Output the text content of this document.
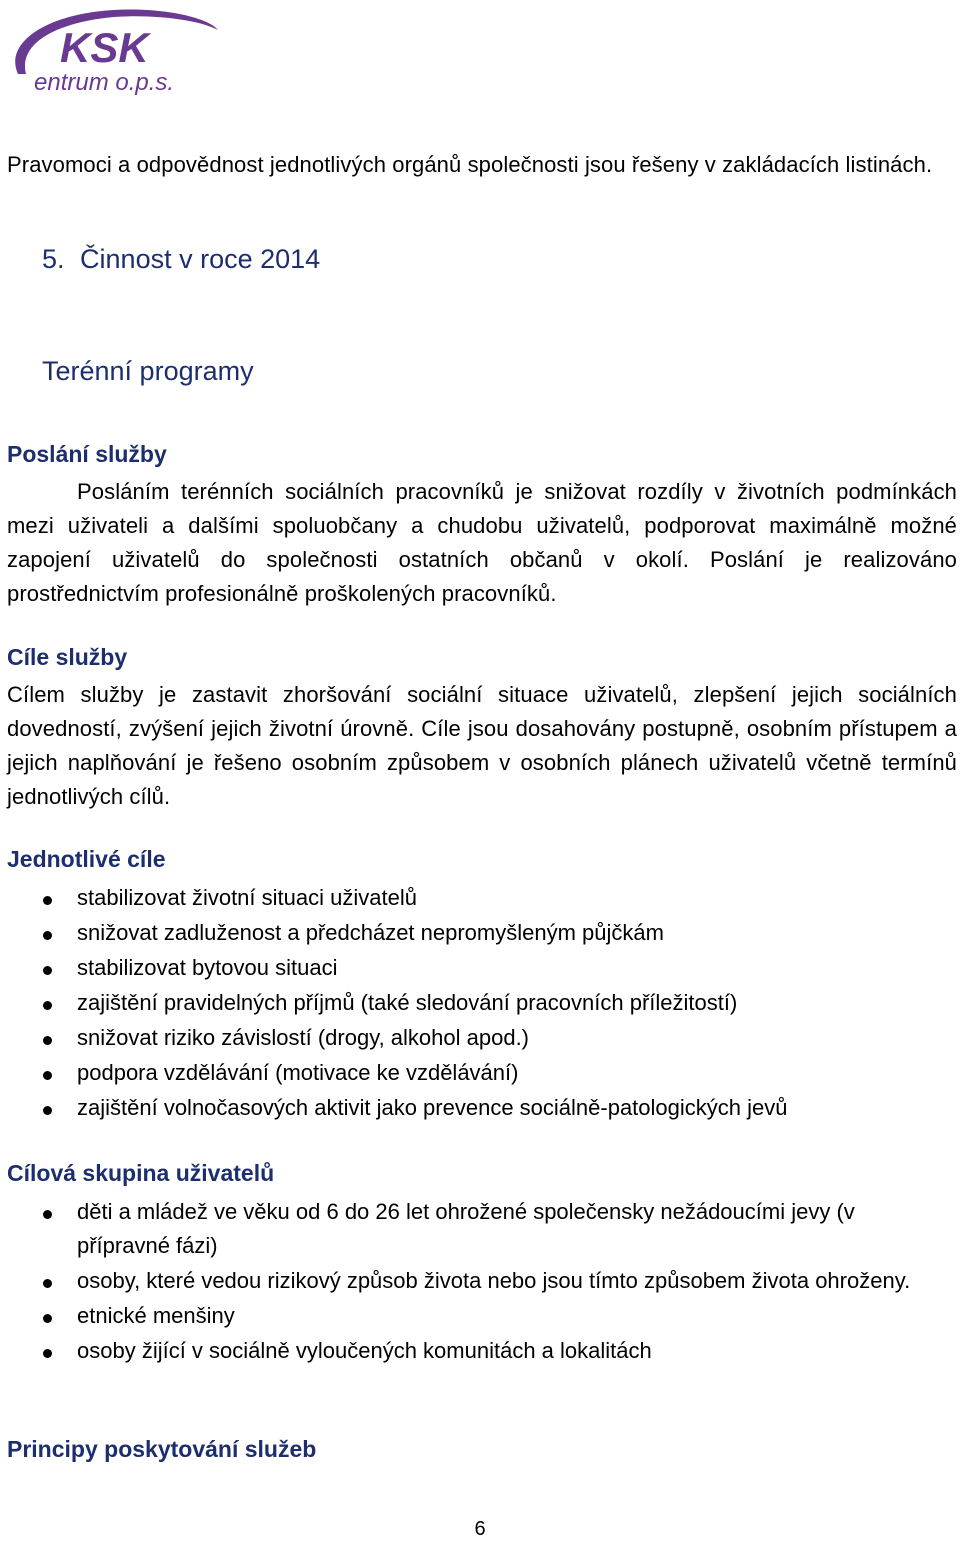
KSK
entrum o.p.s.
Pravomoci a odpovědnost jednotlivých orgánů společnosti jsou řešeny v zakládacích listinách.
5. Činnost v roce 2014
Terénní programy
Poslání služby
Posláním terénních sociálních pracovníků je snižovat rozdíly v životních podmínkách mezi uživateli a dalšími spoluobčany a chudobu uživatelů, podporovat maximálně možné zapojení uživatelů do společnosti ostatních občanů v okolí. Poslání je realizováno prostřednictvím profesionálně proškolených pracovníků.
Cíle služby
Cílem služby je zastavit zhoršování sociální situace uživatelů, zlepšení jejich sociálních dovedností, zvýšení jejich životní úrovně. Cíle jsou dosahovány postupně, osobním přístupem a jejich naplňování je řešeno osobním způsobem v osobních plánech uživatelů včetně termínů jednotlivých cílů.
Jednotlivé cíle
stabilizovat životní situaci uživatelů
snižovat zadluženost a předcházet nepromyšleným půjčkám
stabilizovat bytovou situaci
zajištění pravidelných příjmů (také sledování pracovních příležitostí)
snižovat riziko závislostí (drogy, alkohol apod.)
podpora vzdělávání (motivace ke vzdělávání)
zajištění volnočasových aktivit jako prevence sociálně-patologických jevů
Cílová skupina uživatelů
děti a mládež ve věku od 6 do 26 let ohrožené společensky nežádoucími jevy (v přípravné fázi)
osoby, které vedou rizikový způsob života nebo jsou tímto způsobem života ohroženy.
etnické menšiny
osoby žijící v sociálně vyloučených komunitách a lokalitách
Principy poskytování služeb
6
